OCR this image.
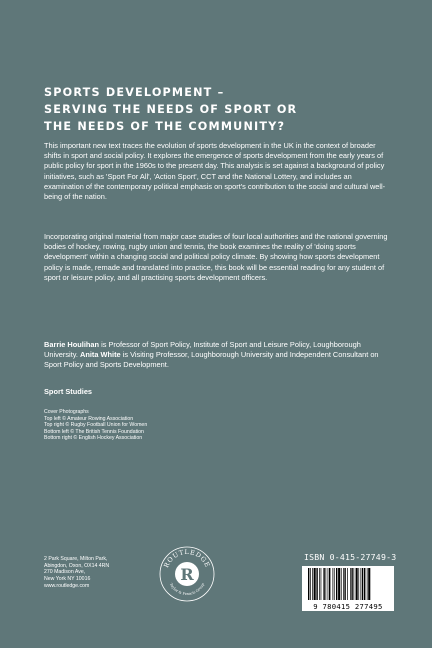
SPORTS DEVELOPMENT –
SERVING THE NEEDS OF SPORT OR
THE NEEDS OF THE COMMUNITY?

This important new text traces the evolution of sports development in the UK in the context of broader shifts in sport and social policy. It explores the emergence of sports development from the early years of public policy for sport in the 1960s to the present day. This analysis is set against a background of policy initiatives, such as 'Sport For All', 'Action Sport', CCT and the National Lottery, and includes an examination of the contemporary political emphasis on sport's contribution to the social and cultural well-being of the nation.

Incorporating original material from major case studies of four local authorities and the national governing bodies of hockey, rowing, rugby union and tennis, the book examines the reality of 'doing sports development' within a changing social and political policy climate. By showing how sports development policy is made, remade and translated into practice, this book will be essential reading for any student of sport or leisure policy, and all practising sports development officers.

Barrie Houlihan is Professor of Sport Policy, Institute of Sport and Leisure Policy, Loughborough University. Anita White is Visiting Professor, Loughborough University and Independent Consultant on Sport Policy and Sports Development.

Sport Studies

Cover Photographs
Top left © Amateur Rowing Association
Top right © Rugby Football Union for Women
Bottom left © The British Tennis Foundation
Bottom right © English Hockey Association
2 Park Square, Milton Park,
Abingdon, Oxon, OX14 4RN
270 Madison Ave,
New York NY 10016
www.routledge.com
R
ROUTLEDGE
Taylor & Francis Group
ISBN 0-415-27749-3
9 780415 277495
